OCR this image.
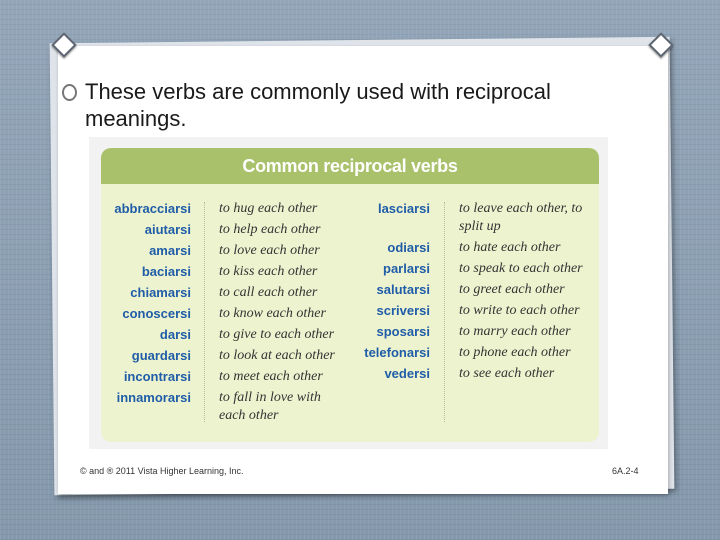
These verbs are commonly used with reciprocal meanings.
Common reciprocal verbs
abbracciarsi to hug each other
aiutarsi to help each other
amarsi to love each other
baciarsi to kiss each other
chiamarsi to call each other
conoscersi to know each other
darsi to give to each other
guardarsi to look at each other
incontrarsi to meet each other
innamorarsi to fall in love with each other
lasciarsi to leave each other, to split up
odiarsi to hate each other
parlarsi to speak to each other
salutarsi to greet each other
scriversi to write to each other
sposarsi to marry each other
telefonarsi to phone each other
vedersi to see each other
© and ® 2011 Vista Higher Learning, Inc.	6A.2-4
